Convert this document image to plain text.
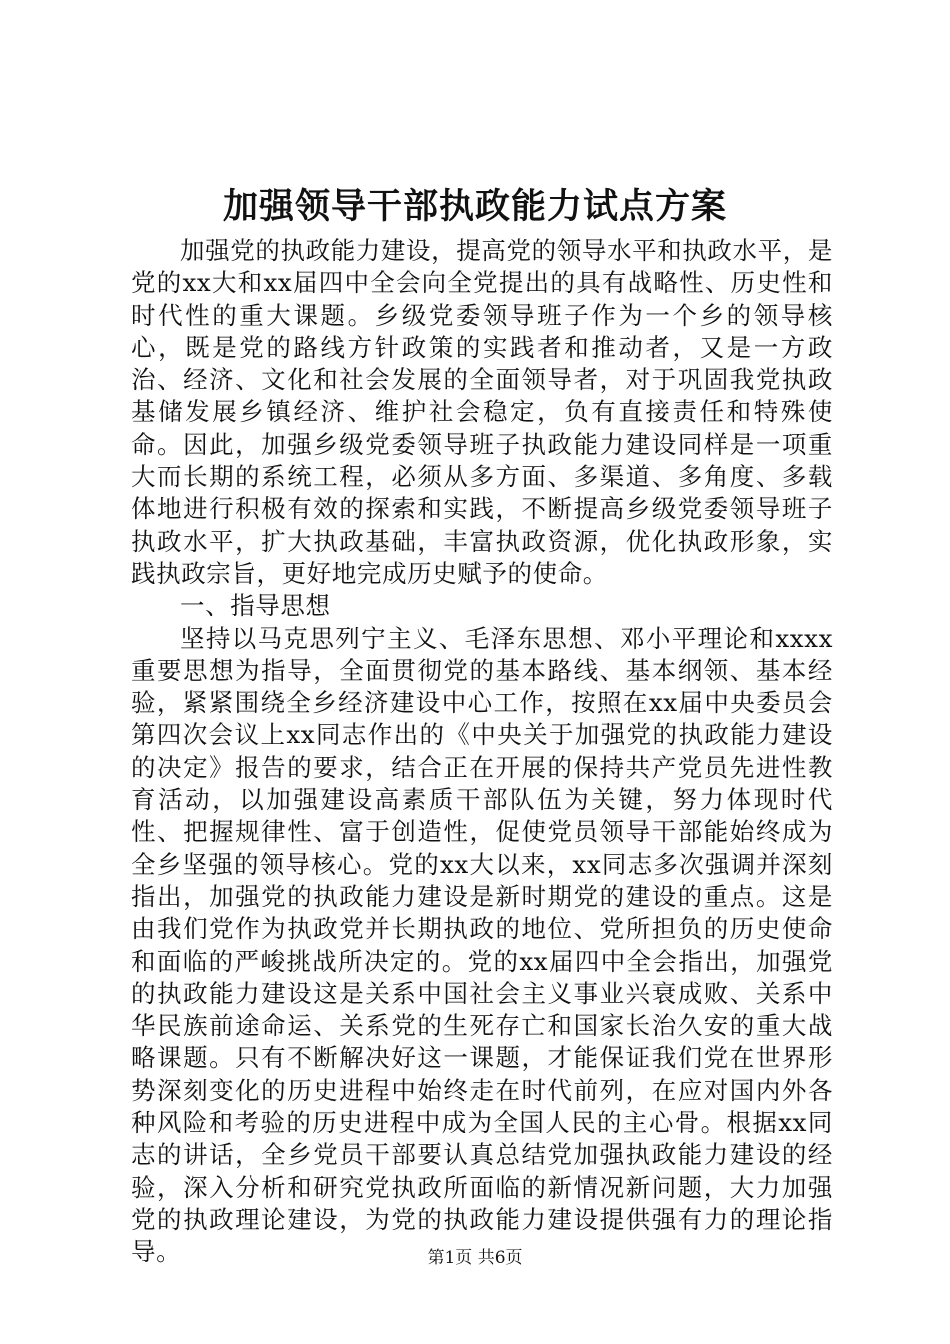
加强领导干部执政能力试点方案

加强党的执政能力建设，提高党的领导水平和执政水平，是党的xx大和xx届四中全会向全党提出的具有战略性、历史性和时代性的重大课题。乡级党委领导班子作为一个乡的领导核心，既是党的路线方针政策的实践者和推动者，又是一方政治、经济、文化和社会发展的全面领导者，对于巩固我党执政基储发展乡镇经济、维护社会稳定，负有直接责任和特殊使命。因此，加强乡级党委领导班子执政能力建设同样是一项重大而长期的系统工程，必须从多方面、多渠道、多角度、多载体地进行积极有效的探索和实践，不断提高乡级党委领导班子执政水平，扩大执政基础，丰富执政资源，优化执政形象，实践执政宗旨，更好地完成历史赋予的使命。

一、指导思想

坚持以马克思列宁主义、毛泽东思想、邓小平理论和xxxx重要思想为指导，全面贯彻党的基本路线、基本纲领、基本经验，紧紧围绕全乡经济建设中心工作，按照在xx届中央委员会第四次会议上xx同志作出的《中央关于加强党的执政能力建设的决定》报告的要求，结合正在开展的保持共产党员先进性教育活动，以加强建设高素质干部队伍为关键，努力体现时代性、把握规律性、富于创造性，促使党员领导干部能始终成为全乡坚强的领导核心。党的xx大以来，xx同志多次强调并深刻指出，加强党的执政能力建设是新时期党的建设的重点。这是由我们党作为执政党并长期执政的地位、党所担负的历史使命和面临的严峻挑战所决定的。党的xx届四中全会指出，加强党的执政能力建设这是关系中国社会主义事业兴衰成败、关系中华民族前途命运、关系党的生死存亡和国家长治久安的重大战略课题。只有不断解决好这一课题，才能保证我们党在世界形势深刻变化的历史进程中始终走在时代前列，在应对国内外各种风险和考验的历史进程中成为全国人民的主心骨。根据xx同志的讲话，全乡党员干部要认真总结党加强执政能力建设的经验，深入分析和研究党执政所面临的新情况新问题，大力加强党的执政理论建设，为党的执政能力建设提供强有力的理论指导。	第1页 共6页
